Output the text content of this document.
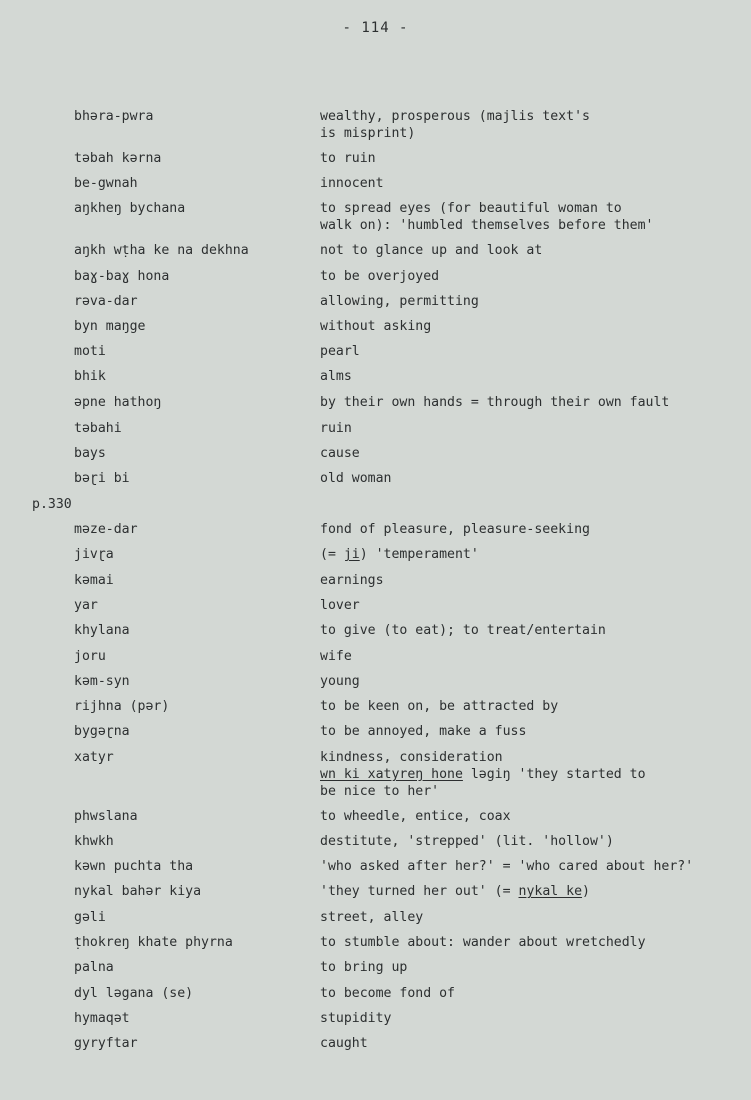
- 114 -
bhəra-pwra	wealthy, prosperous (majlis text's
is misprint)
təbah kərna	to ruin
be-gwnah	innocent
aŋkheŋ bychana	to spread eyes (for beautiful woman to
walk on): 'humbled themselves before them'
aŋkh wṭha ke na dekhna	not to glance up and look at
baɣ-baɣ hona	to be overjoyed
rəva-dar	allowing, permitting
byn maŋge	without asking
moti	pearl
bhik	alms
əpne hathoŋ	by their own hands = through their own fault
təbahi	ruin
bays	cause
bəɽi bi	old woman
p.330
məze-dar	fond of pleasure, pleasure-seeking
jivɽa	(= ji) 'temperament'
kəmai	earnings
yar	lover
khylana	to give (to eat); to treat/entertain
joru	wife
kəm-syn	young
rijhna (pər)	to be keen on, be attracted by
bygəɽna	to be annoyed, make a fuss
xatyr	kindness, consideration
wn ki xatyreŋ hone ləgiŋ 'they started to
be nice to her'
phwslana	to wheedle, entice, coax
khwkh	destitute, 'strepped' (lit. 'hollow')
kəwn puchta tha	'who asked after her?' = 'who cared about her?'
nykal bahər kiya	'they turned her out' (= nykal ke)
gəli	street, alley
ṭhokreŋ khate phyrna	to stumble about: wander about wretchedly
palna	to bring up
dyl ləgana (se)	to become fond of
hymaqət	stupidity
gyryftar	caught
